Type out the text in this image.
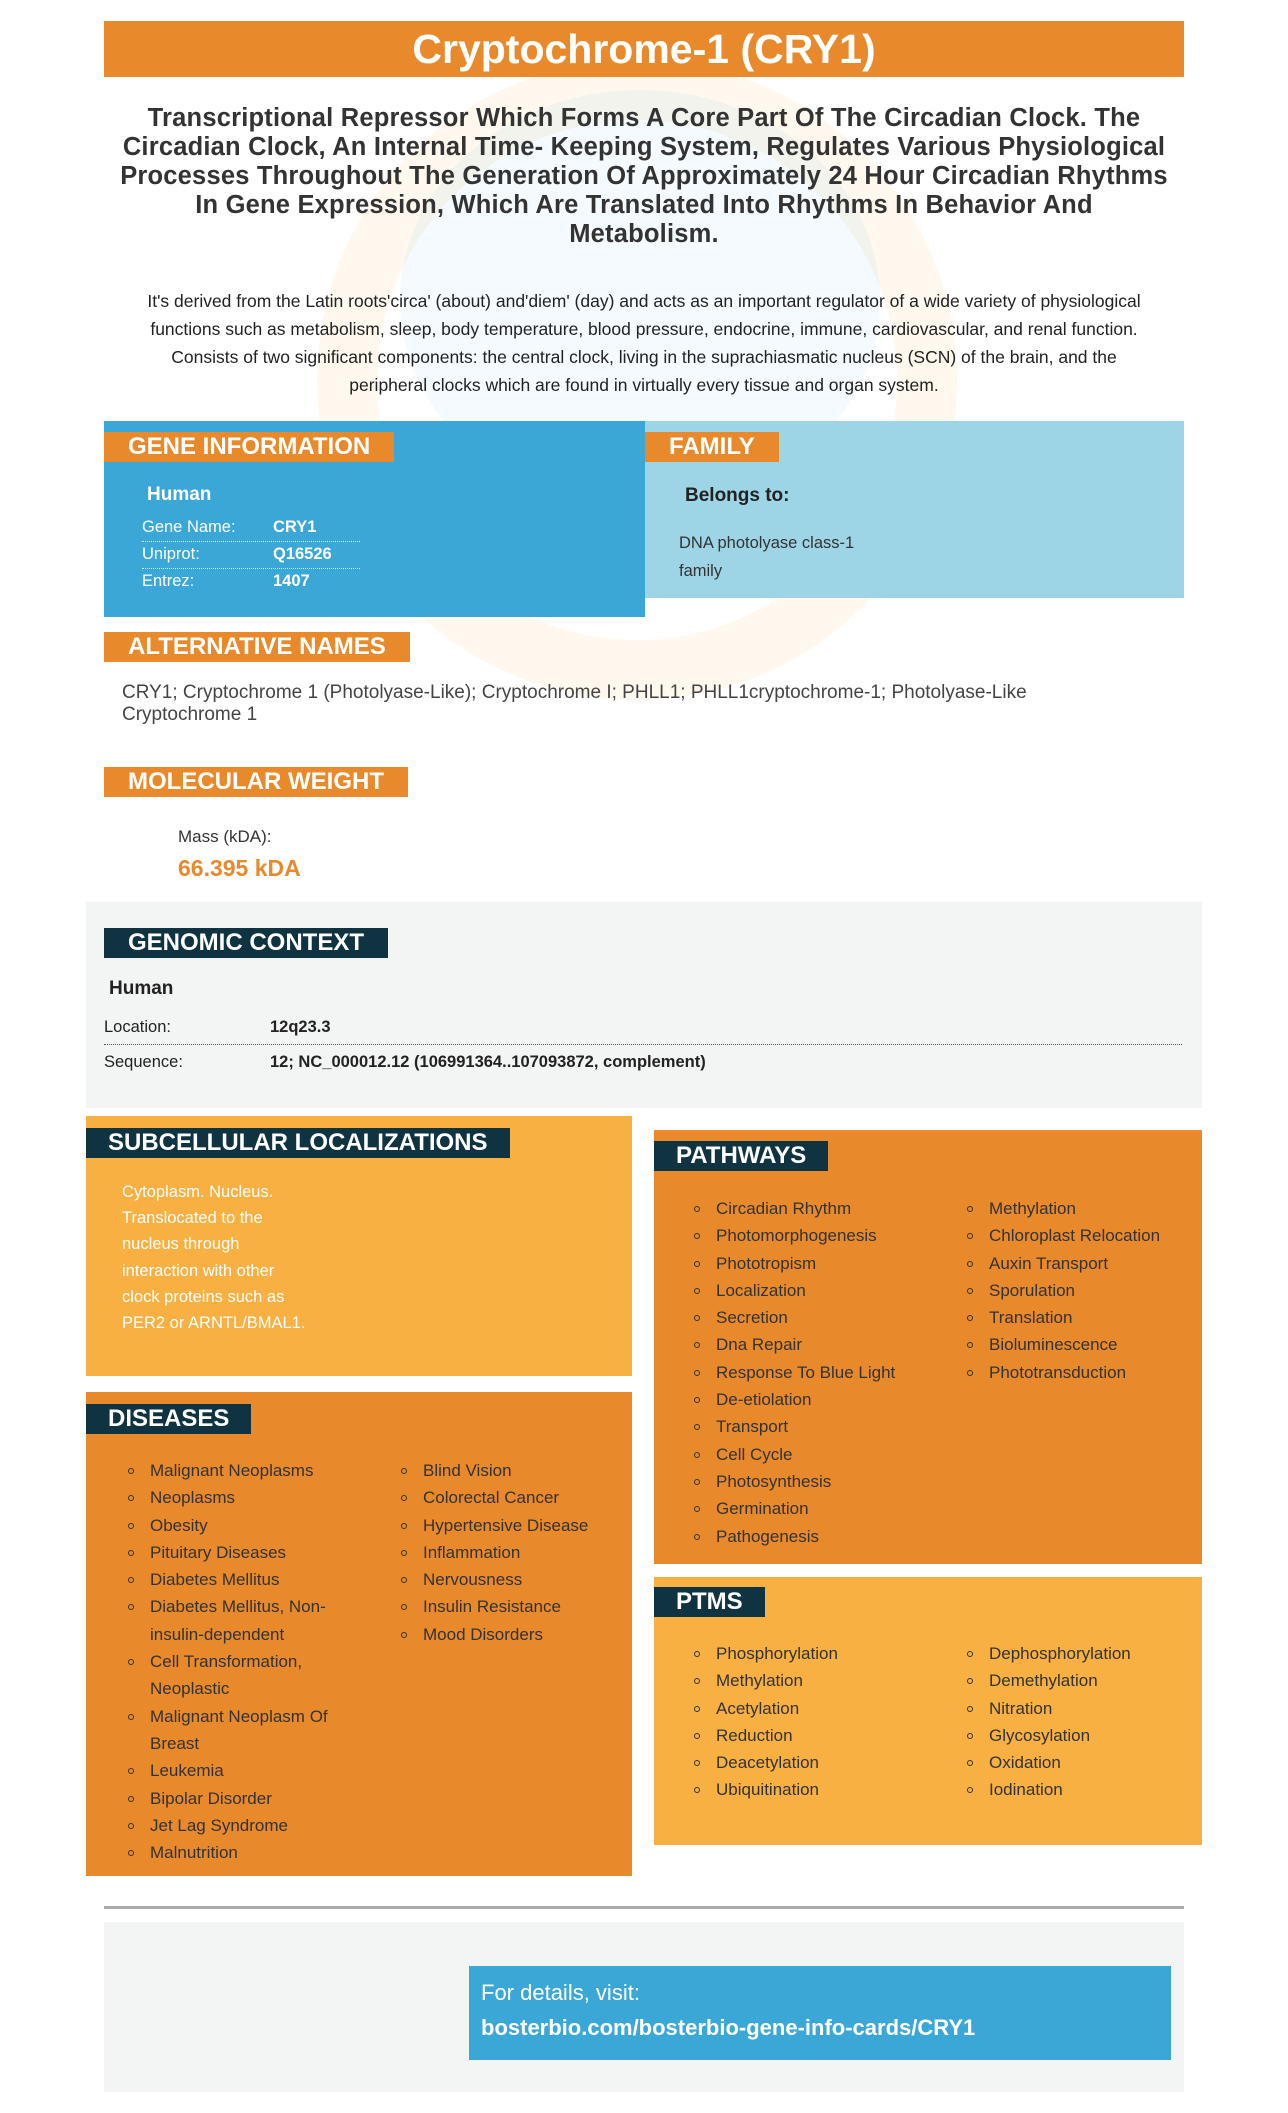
Cryptochrome-1 (CRY1)
Transcriptional Repressor Which Forms A Core Part Of The Circadian Clock. The Circadian Clock, An Internal Time- Keeping System, Regulates Various Physiological Processes Throughout The Generation Of Approximately 24 Hour Circadian Rhythms In Gene Expression, Which Are Translated Into Rhythms In Behavior And Metabolism.
It's derived from the Latin roots'circa' (about) and'diem' (day) and acts as an important regulator of a wide variety of physiological functions such as metabolism, sleep, body temperature, blood pressure, endocrine, immune, cardiovascular, and renal function. Consists of two significant components: the central clock, living in the suprachiasmatic nucleus (SCN) of the brain, and the peripheral clocks which are found in virtually every tissue and organ system.
GENE INFORMATION
Human
Gene Name: CRY1
Uniprot:	Q16526
Entrez:	1407
FAMILY
Belongs to:
DNA photolyase class-1
family
ALTERNATIVE NAMES
CRY1; Cryptochrome 1 (Photolyase-Like); Cryptochrome I; PHLL1; PHLL1cryptochrome-1; Photolyase-Like Cryptochrome 1
MOLECULAR WEIGHT
Mass (kDA):
66.395 kDA
GENOMIC CONTEXT
Human
Location:	12q23.3
Sequence:	12; NC_000012.12 (106991364..107093872, complement)
SUBCELLULAR LOCALIZATIONS
Cytoplasm. Nucleus.
Translocated to the
nucleus through
interaction with other
clock proteins such as
PER2 or ARNTL/BMAL1.
DISEASES
Malignant Neoplasms
Neoplasms
Obesity
Pituitary Diseases
Diabetes Mellitus
Diabetes Mellitus, Non-insulin-dependent
Cell Transformation, Neoplastic
Malignant Neoplasm Of Breast
Leukemia
Bipolar Disorder
Jet Lag Syndrome
Malnutrition
Blind Vision
Colorectal Cancer
Hypertensive Disease
Inflammation
Nervousness
Insulin Resistance
Mood Disorders
PATHWAYS
Circadian Rhythm
Photomorphogenesis
Phototropism
Localization
Secretion
Dna Repair
Response To Blue Light
De-etiolation
Transport
Cell Cycle
Photosynthesis
Germination
Pathogenesis
Methylation
Chloroplast Relocation
Auxin Transport
Sporulation
Translation
Bioluminescence
Phototransduction
PTMS
Phosphorylation
Methylation
Acetylation
Reduction
Deacetylation
Ubiquitination
Dephosphorylation
Demethylation
Nitration
Glycosylation
Oxidation
Iodination
For details, visit:
bosterbio.com/bosterbio-gene-info-cards/CRY1
